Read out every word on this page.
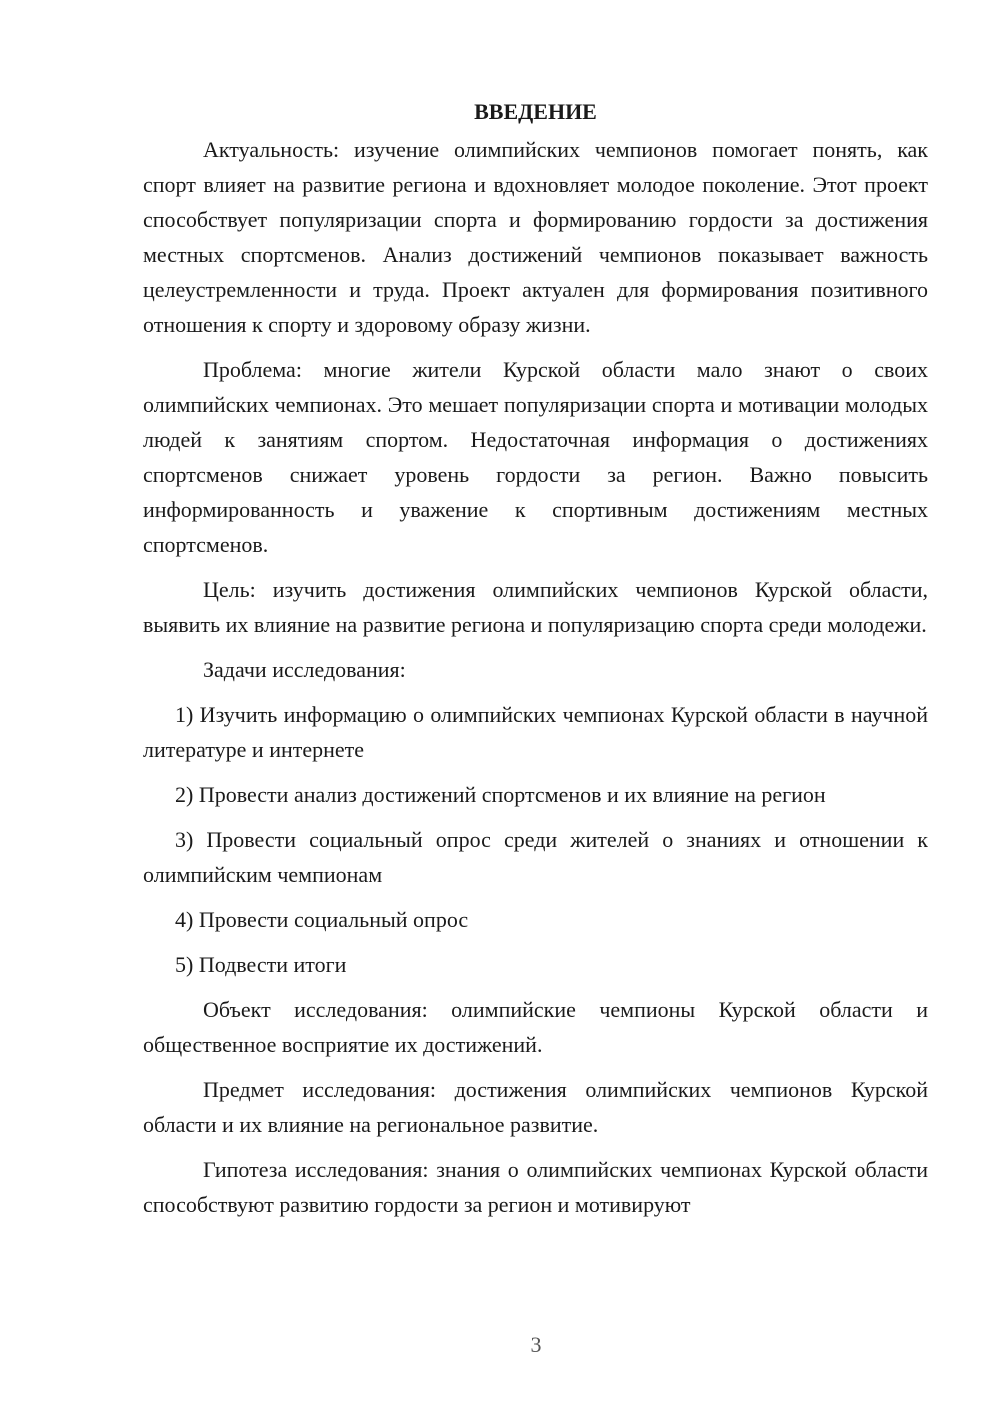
ВВЕДЕНИЕ

Актуальность: изучение олимпийских чемпионов помогает понять, как спорт влияет на развитие региона и вдохновляет молодое поколение. Этот проект способствует популяризации спорта и формированию гордости за достижения местных спортсменов. Анализ достижений чемпионов показывает важность целеустремленности и труда. Проект актуален для формирования позитивного отношения к спорту и здоровому образу жизни.

Проблема: многие жители Курской области мало знают о своих олимпийских чемпионах. Это мешает популяризации спорта и мотивации молодых людей к занятиям спортом. Недостаточная информация о достижениях спортсменов снижает уровень гордости за регион. Важно повысить информированность и уважение к спортивным достижениям местных спортсменов.

Цель: изучить достижения олимпийских чемпионов Курской области, выявить их влияние на развитие региона и популяризацию спорта среди молодежи.

Задачи исследования:

1) Изучить информацию о олимпийских чемпионах Курской области в научной литературе и интернете

2) Провести анализ достижений спортсменов и их влияние на регион

3) Провести социальный опрос среди жителей о знаниях и отношении к олимпийским чемпионам

4) Провести социальный опрос

5) Подвести итоги

Объект исследования: олимпийские чемпионы Курской области и общественное восприятие их достижений.

Предмет исследования: достижения олимпийских чемпионов Курской области и их влияние на региональное развитие.

Гипотеза исследования: знания о олимпийских чемпионах Курской области способствуют развитию гордости за регион и мотивируют

3
